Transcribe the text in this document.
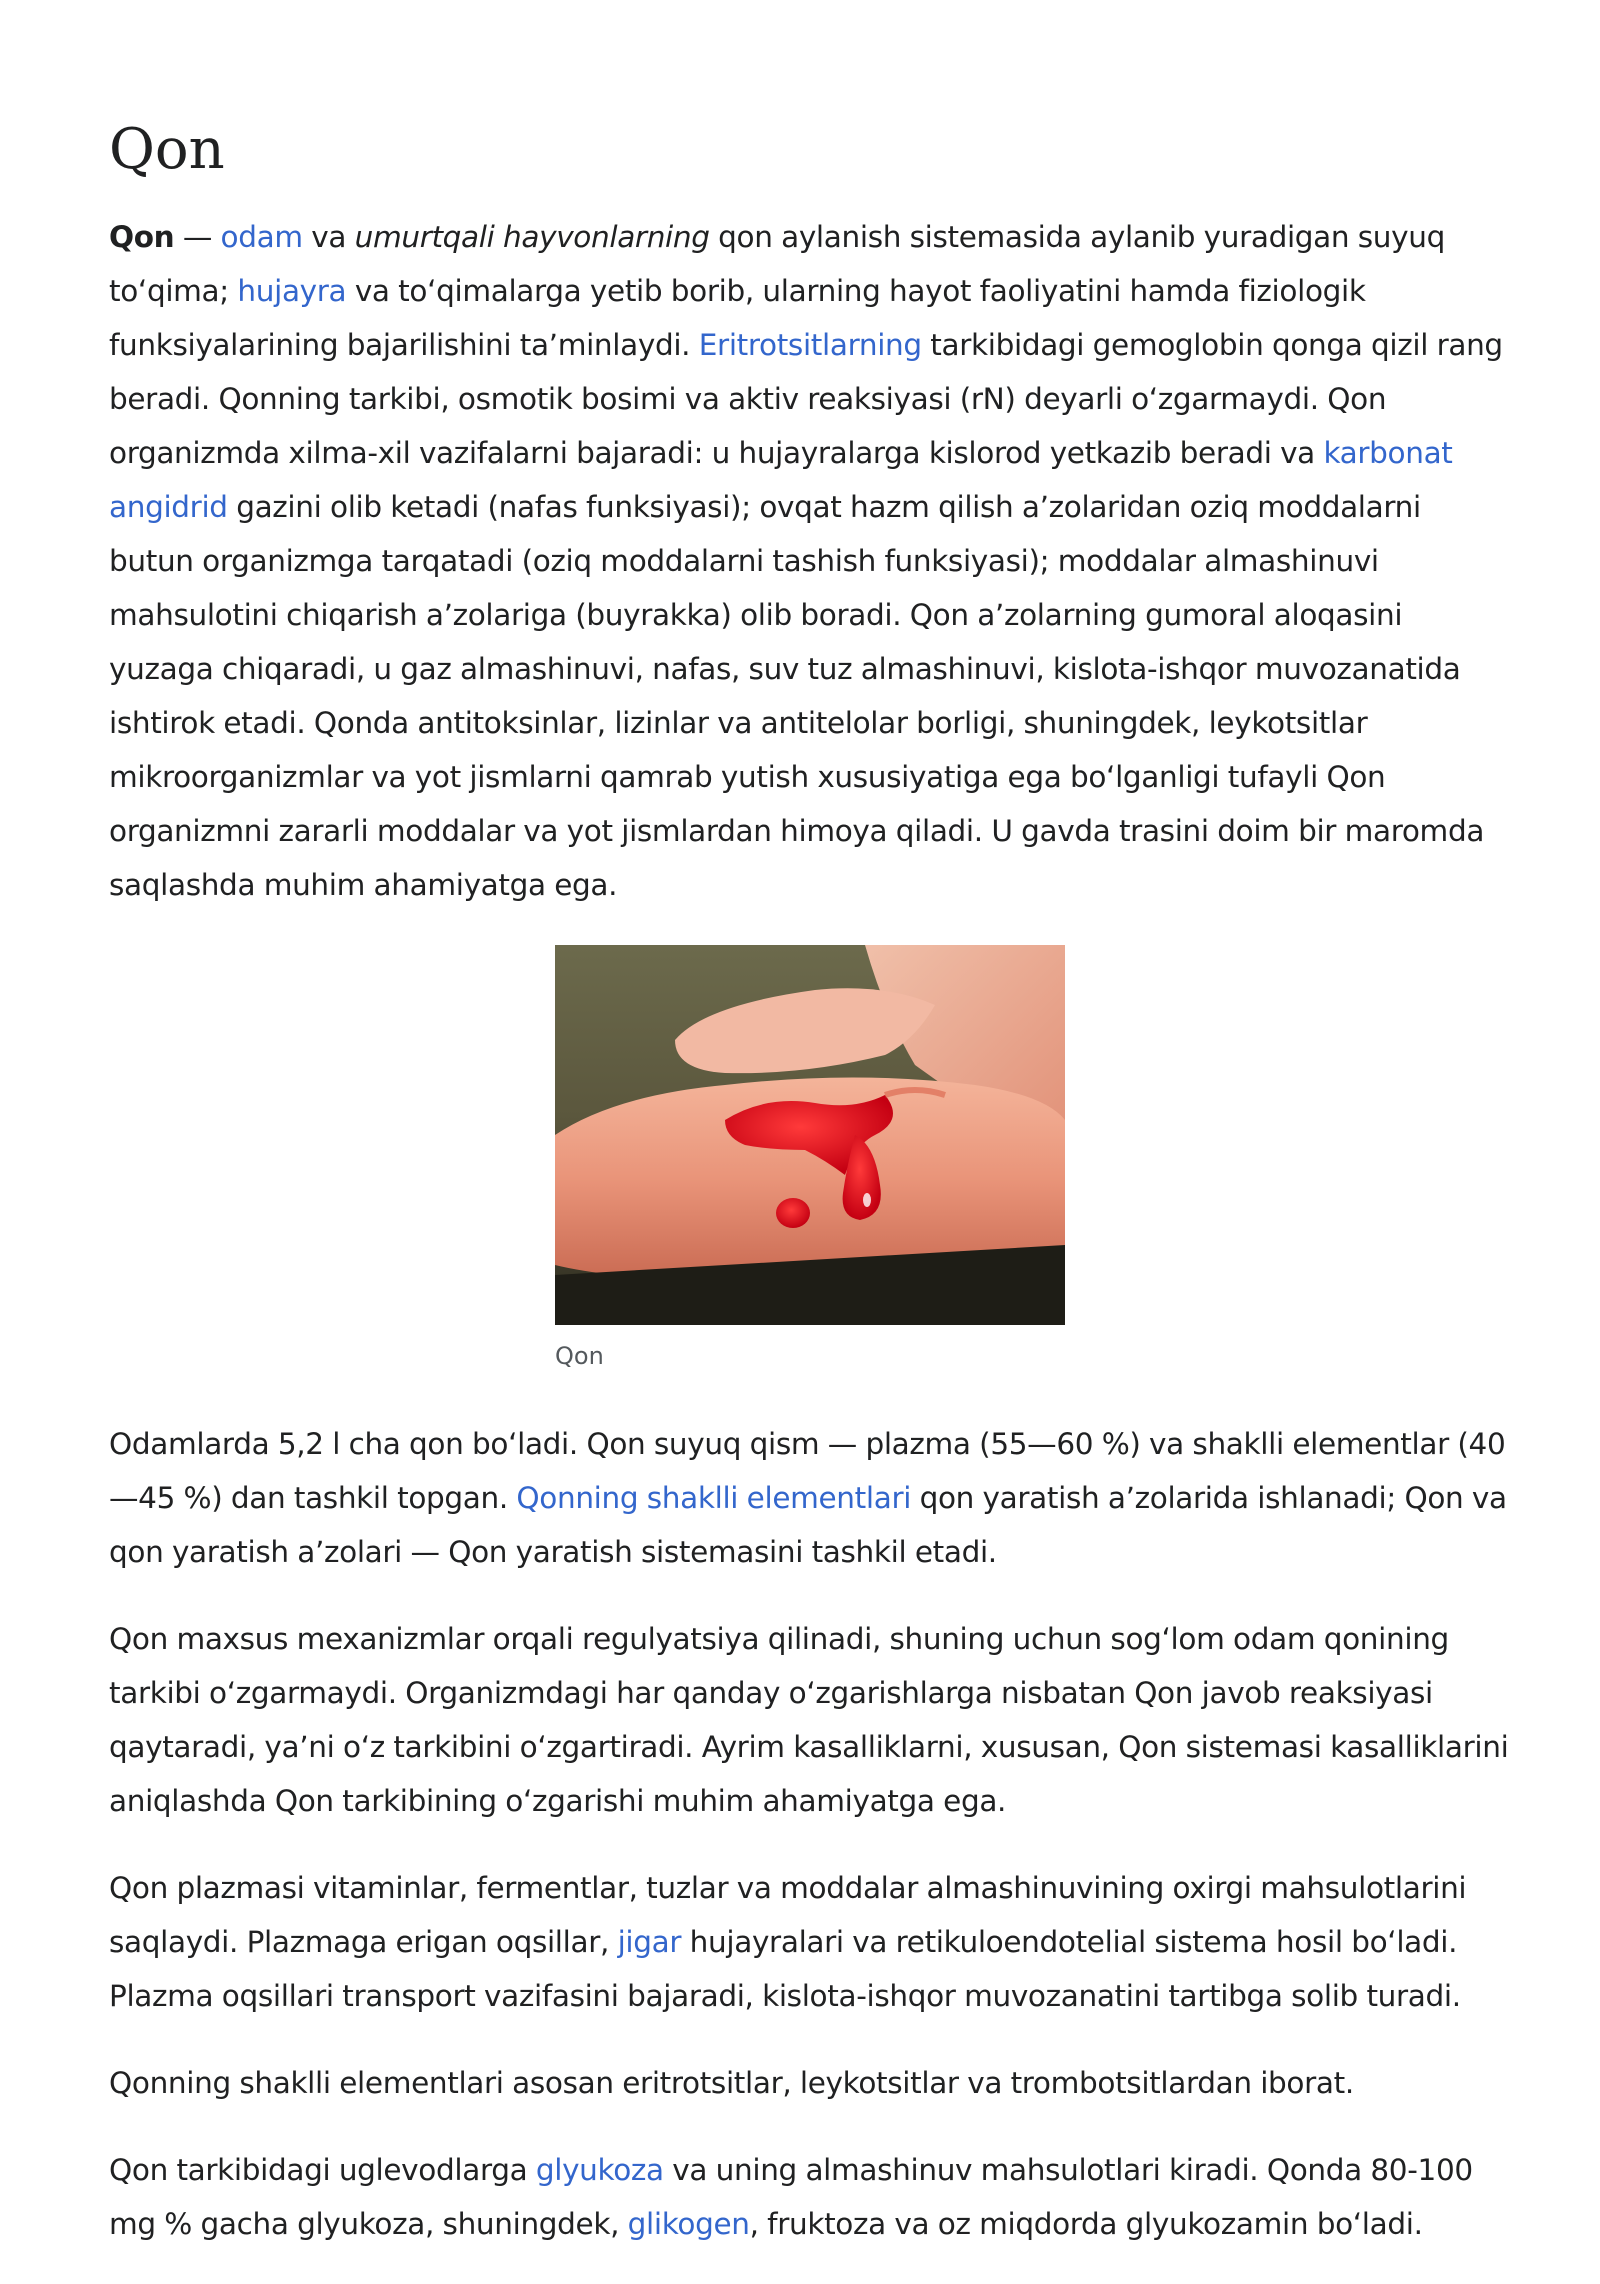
Qon

Qon — odam va umurtqali hayvonlarning qon aylanish sistemasida aylanib yuradigan suyuq toʻqima; hujayra va toʻqimalarga yetib borib, ularning hayot faoliyatini hamda fiziologik funksiyalarining bajarilishini taʼminlaydi. Eritrotsitlarning tarkibidagi gemoglobin qonga qizil rang beradi. Qonning tarkibi, osmotik bosimi va aktiv reaksiyasi (rN) deyarli oʻzgarmaydi. Qon organizmda xilma-xil vazifalarni bajaradi: u hujayralarga kislorod yetkazib beradi va karbonat angidrid gazini olib ketadi (nafas funksiyasi); ovqat hazm qilish aʼzolaridan oziq moddalarni butun organizmga tarqatadi (oziq moddalarni tashish funksiyasi); moddalar almashinuvi mahsulotini chiqarish aʼzolariga (buyrakka) olib boradi. Qon aʼzolarning gumoral aloqasini yuzaga chiqaradi, u gaz almashinuvi, nafas, suv tuz almashinuvi, kislota-ishqor muvozanatida ishtirok etadi. Qonda antitoksinlar, lizinlar va antitelolar borligi, shuningdek, leykotsitlar mikroorganizmlar va yot jismlarni qamrab yutish xususiyatiga ega boʻlganligi tufayli Qon organizmni zararli moddalar va yot jismlardan himoya qiladi. U gavda trasini doim bir maromda saqlashda muhim ahamiyatga ega.

Qon

Odamlarda 5,2 l cha qon boʻladi. Qon suyuq qism — plazma (55—60 %) va shaklli elementlar (40—45 %) dan tashkil topgan. Qonning shaklli elementlari qon yaratish aʼzolarida ishlanadi; Qon va qon yaratish aʼzolari — Qon yaratish sistemasini tashkil etadi.

Qon maxsus mexanizmlar orqali regulyatsiya qilinadi, shuning uchun sogʻlom odam qonining tarkibi oʻzgarmaydi. Organizmdagi har qanday oʻzgarishlarga nisbatan Qon javob reaksiyasi qaytaradi, yaʼni oʻz tarkibini oʻzgartiradi. Ayrim kasalliklarni, xususan, Qon sistemasi kasalliklarini aniqlashda Qon tarkibining oʻzgarishi muhim ahamiyatga ega.

Qon plazmasi vitaminlar, fermentlar, tuzlar va moddalar almashinuvining oxirgi mahsulotlarini saqlaydi. Plazmaga erigan oqsillar, jigar hujayralari va retikuloendotelial sistema hosil boʻladi. Plazma oqsillari transport vazifasini bajaradi, kislota-ishqor muvozanatini tartibga solib turadi.

Qonning shaklli elementlari asosan eritrotsitlar, leykotsitlar va trombotsitlardan iborat.

Qon tarkibidagi uglevodlarga glyukoza va uning almashinuv mahsulotlari kiradi. Qonda 80-100 mg % gacha glyukoza, shuningdek, glikogen, fruktoza va oz miqdorda glyukozamin boʻladi.
